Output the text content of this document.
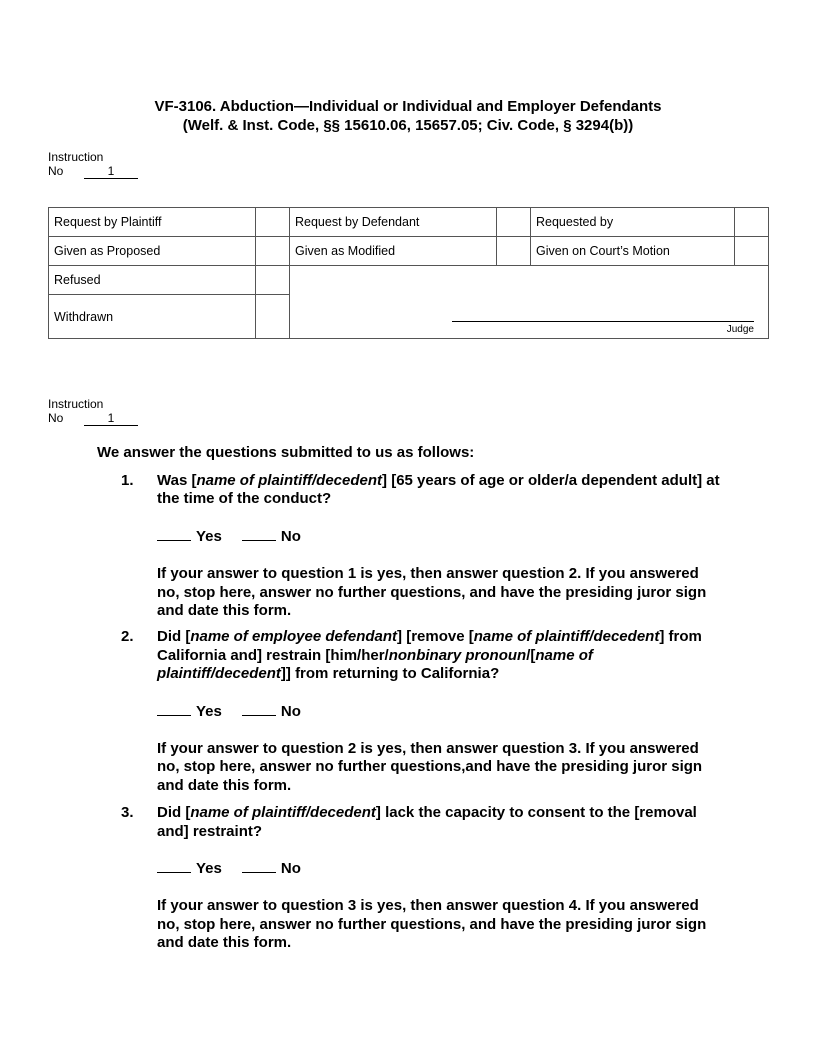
VF-3106. Abduction—Individual or Individual and Employer Defendants
(Welf. & Inst. Code, §§ 15610.06, 15657.05; Civ. Code, § 3294(b))
Instruction
No	1
Request by Plaintiff		Request by Defendant		Requested by	
Given as Proposed		Given as Modified		Given on Court’s Motion	
Refused		Judge			

Withdrawn					
Instruction
No	1
We answer the questions submitted to us as follows:
1. Was [name of plaintiff/decedent] [65 years of age or older/a dependent adult] at the time of the conduct?
Yes	No
If your answer to question 1 is yes, then answer question 2. If you answered no, stop here, answer no further questions, and have the presiding juror sign and date this form.
2. Did [name of employee defendant] [remove [name of plaintiff/decedent] from California and] restrain [him/her/nonbinary pronoun/[name of plaintiff/decedent]] from returning to California?
Yes	No
If your answer to question 2 is yes, then answer question 3. If you answered no, stop here, answer no further questions,and have the presiding juror sign and date this form.
3. Did [name of plaintiff/decedent] lack the capacity to consent to the [removal and] restraint?
Yes	No
If your answer to question 3 is yes, then answer question 4. If you answered no, stop here, answer no further questions, and have the presiding juror sign and date this form.
